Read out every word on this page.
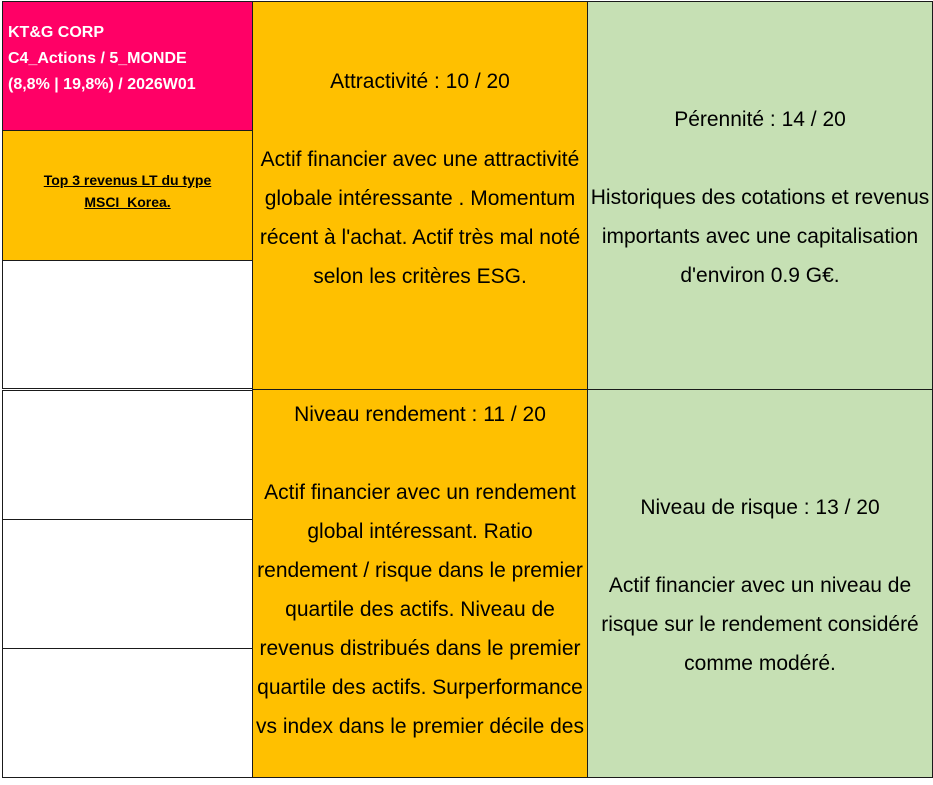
KT&G CORP
C4_Actions / 5_MONDE
(8,8% | 19,8%) / 2026W01
Top 3 revenus LT du type MSCI_Korea.
Attractivité : 10 / 20
Actif financier avec une attractivité globale intéressante . Momentum récent à l'achat. Actif très mal noté selon les critères ESG.
Niveau rendement : 11 / 20
Actif financier avec un rendement global intéressant. Ratio rendement / risque dans le premier quartile des actifs. Niveau de revenus distribués dans le premier quartile des actifs. Surperformance vs index dans le premier décile des
Pérennité : 14 / 20
Historiques des cotations et revenus importants avec une capitalisation d'environ 0.9 G€.
Niveau de risque : 13 / 20
Actif financier avec un niveau de risque sur le rendement considéré comme modéré.
